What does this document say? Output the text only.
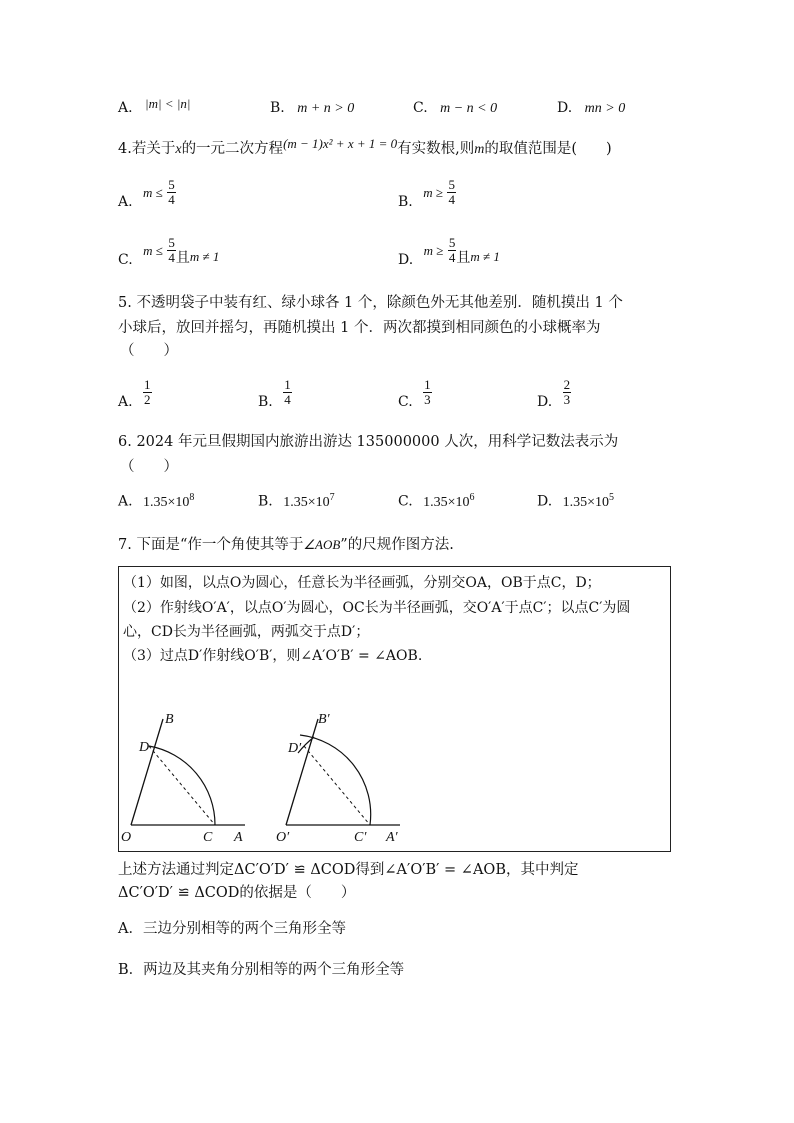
A. |m| < |n|	B. m + n > 0	C. m − n < 0	D. mn > 0
4.若关于x的一元二次方程(m − 1)x² + x + 1 = 0有实数根,则m的取值范围是(　　)
A. $m \le \frac{5}{4}$	B. $m \ge \frac{5}{4}$
C. $m \le \frac{5}{4}$ 且m ≠ 1	D. $m \ge \frac{5}{4}$ 且m ≠ 1
5. 不透明袋子中装有红、绿小球各 1 个，除颜色外无其他差别．随机摸出 1 个
小球后，放回并摇匀，再随机摸出 1 个．两次都摸到相同颜色的小球概率为
（　　）
A. $\frac{1}{2}$	B. $\frac{1}{4}$	C. $\frac{1}{3}$	D. $\frac{2}{3}$
6. 2024 年元旦假期国内旅游出游达 135000000 人次，用科学记数法表示为
（　　）
A. $1.35\times 10^8$	B. $1.35\times 10^7$	C. $1.35\times 10^6$	D. $1.35\times 10^5$
7. 下面是“作一个角使其等于∠AOB”的尺规作图方法.
（1）如图，以点O为圆心，任意长为半径画弧，分别交OA，OB于点C，D；
（2）作射线O′A′，以点O′为圆心，OC长为半径画弧，交O′A′于点C′；以点C′为圆
心，CD长为半径画弧，两弧交于点D′；
（3）过点D′作射线O′B′，则∠A′O′B′ = ∠AOB.
B
D
O	C A
B′
D′
O′	C′ A′
上述方法通过判定ΔC′O′D′ ≌ ΔCOD得到∠A′O′B′ = ∠AOB，其中判定
ΔC′O′D′ ≌ ΔCOD的依据是（　　）
A．三边分别相等的两个三角形全等
B．两边及其夹角分别相等的两个三角形全等
